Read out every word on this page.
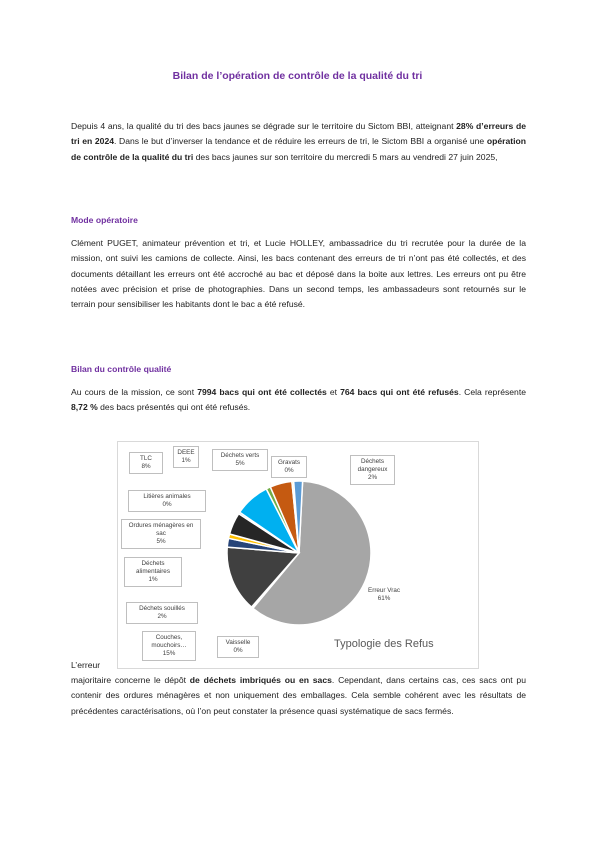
Bilan de l’opération de contrôle de la qualité du tri
Depuis 4 ans, la qualité du tri des bacs jaunes se dégrade sur le territoire du Sictom BBI, atteignant 28% d’erreurs de tri en 2024. Dans le but d’inverser la tendance et de réduire les erreurs de tri, le Sictom BBI a organisé une opération de contrôle de la qualité du tri des bacs jaunes sur son territoire du mercredi 5 mars au vendredi 27 juin 2025,
Mode opératoire
Clément PUGET, animateur prévention et tri, et Lucie HOLLEY, ambassadrice du tri recrutée pour la durée de la mission, ont suivi les camions de collecte. Ainsi, les bacs contenant des erreurs de tri n’ont pas été collectés, et des documents détaillant les erreurs ont été accroché au bac et déposé dans la boite aux lettres. Les erreurs ont pu être notées avec précision et prise de photographies. Dans un second temps, les ambassadeurs sont retournés sur le terrain pour sensibiliser les habitants dont le bac a été refusé.
Bilan du contrôle qualité
Au cours de la mission, ce sont 7994 bacs qui ont été collectés et 764 bacs qui ont été refusés. Cela représente 8,72 % des bacs présentés qui ont été refusés.
Erreur Vrac
61%
Vaisselle
0%
Couches, mouchoirs…
15%
Déchets souillés
2%
Déchets alimentaires
1%
Ordures ménagères en sac
5%
Litières animales
0%
TLC
8%
DEEE
1%
Déchets verts
5%	Gravats
0%
Déchets dangereux
2%
Typologie des Refus
L’erreur
majoritaire concerne le dépôt de déchets imbriqués ou en sacs. Cependant, dans certains cas, ces sacs ont pu contenir des ordures ménagères et non uniquement des emballages. Cela semble cohérent avec les résultats de précédentes caractérisations, où l’on peut constater la présence quasi systématique de sacs fermés.
